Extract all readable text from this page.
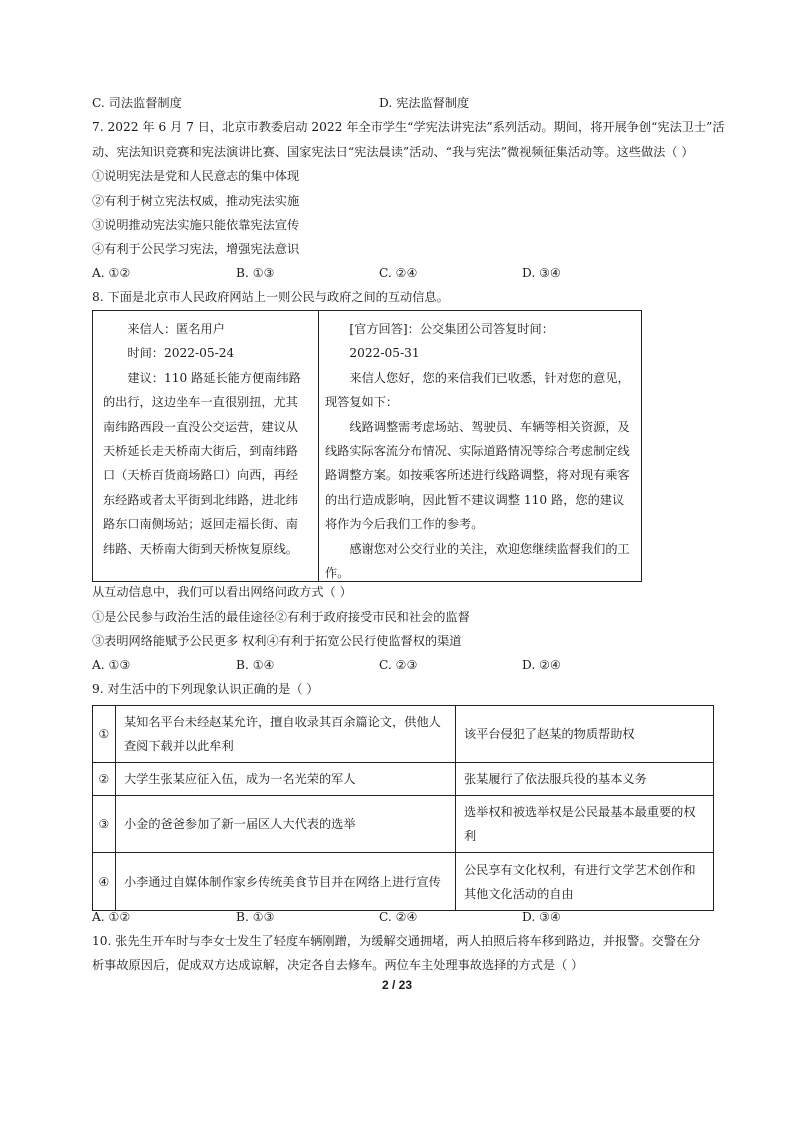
C. 司法监督制度	D. 宪法监督制度
7. 2022 年 6 月 7 日，北京市教委启动 2022 年全市学生“学宪法讲宪法”系列活动。期间，将开展争创“宪法卫士”活
动、宪法知识竞赛和宪法演讲比赛、国家宪法日“宪法晨读”活动、“我与宪法”微视频征集活动等。这些做法（ ）
①说明宪法是党和人民意志的集中体现
②有利于树立宪法权威，推动宪法实施
③说明推动宪法实施只能依靠宪法宣传
④有利于公民学习宪法，增强宪法意识
A. ①②	B. ①③	C. ②④	D. ③④
8. 下面是北京市人民政府网站上一则公民与政府之间的互动信息。

来信人：匿名用户

时间：2022-05-24

建议：110 路延长能方便南纬路的出行，这边坐车一直很别扭，尤其南纬路西段一直没公交运营，建议从天桥延长走天桥南大街后，到南纬路口（天桥百货商场路口）向西，再经东经路或者太平街到北纬路，进北纬路东口南侧场站；返回走福长街、南纬路、天桥南大街到天桥恢复原线。

[官方回答]：公交集团公司答复时间：

2022-05-31

来信人您好，您的来信我们已收悉，针对您的意见，现答复如下：

线路调整需考虑场站、驾驶员、车辆等相关资源，及线路实际客流分布情况、实际道路情况等综合考虑制定线路调整方案。如按乘客所述进行线路调整，将对现有乘客的出行造成影响，因此暂不建议调整 110 路，您的建议将作为今后我们工作的参考。

感谢您对公交行业的关注，欢迎您继续监督我们的工作。

从互动信息中，我们可以看出网络问政方式（ ）
①是公民参与政治生活的最佳途径②有利于政府接受市民和社会的监督
③表明网络能赋予公民更多 权利④有利于拓宽公民行使监督权的渠道
A. ①③	B. ①④	C. ②③	D. ②④
9. 对生活中的下列现象认识正确的是（ ）
①	某知名平台未经赵某允许，擅自收录其百余篇论文，供他人查阅下载并以此牟利	该平台侵犯了赵某的物质帮助权
②	大学生张某应征入伍，成为一名光荣的军人	张某履行了依法服兵役的基本义务
③	小金的爸爸参加了新一届区人大代表的选举	选举权和被选举权是公民最基本最重要的权利
④	小李通过自媒体制作家乡传统美食节目并在网络上进行宣传	公民享有文化权利，有进行文学艺术创作和其他文化活动的自由
A. ①②	B. ①③	C. ②④	D. ③④
10. 张先生开车时与李女士发生了轻度车辆刚蹭，为缓解交通拥堵，两人拍照后将车移到路边，并报警。交警在分
析事故原因后，促成双方达成谅解，决定各自去修车。两位车主处理事故选择的方式是（ ）
2 / 23
